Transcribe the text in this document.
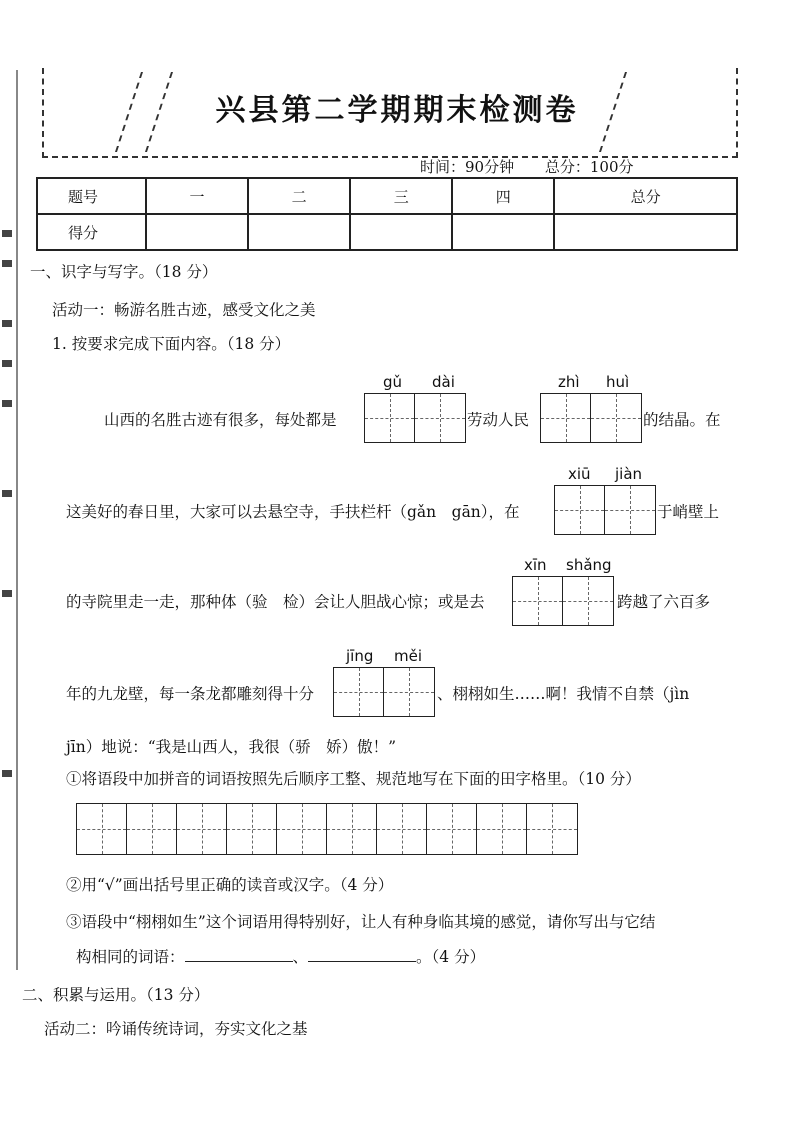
兴县第二学期期末检测卷
时间：90分钟 总分：100分
题号	一	二	三	四	总分
得分					
一、识字与写字。（18 分）
活动一：畅游名胜古迹，感受文化之美
1. 按要求完成下面内容。（18 分）
gǔ dài	zhì huì
山西的名胜古迹有很多，每处都是	劳动人民	的结晶。在
xiū jiàn
这美好的春日里，大家可以去悬空寺，手扶栏杆（gǎn　gān），在	于峭壁上
xīn shǎng
的寺院里走一走，那种体（验　检）会让人胆战心惊；或是去	跨越了六百多
jīng měi
年的九龙壁，每一条龙都雕刻得十分	、栩栩如生……啊！我情不自禁（jìn
jīn）地说：“我是山西人，我很（骄　娇）傲！”
①将语段中加拼音的词语按照先后顺序工整、规范地写在下面的田字格里。（10 分）
②用“√”画出括号里正确的读音或汉字。（4 分）
③语段中“栩栩如生”这个词语用得特别好，让人有种身临其境的感觉，请你写出与它结
构相同的词语：	、	。（4 分）
二、积累与运用。（13 分）
活动二：吟诵传统诗词，夯实文化之基
